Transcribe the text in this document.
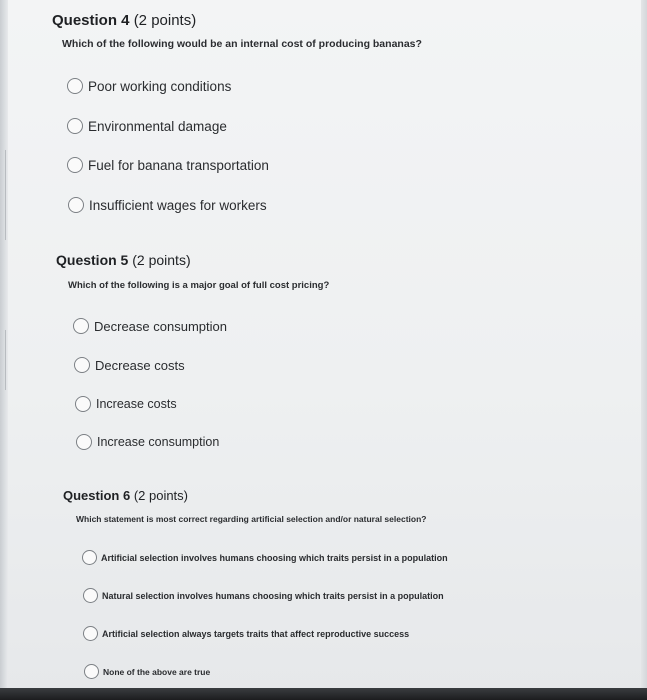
Question 4 (2 points)
Which of the following would be an internal cost of producing bananas?
Poor working conditions
Environmental damage
Fuel for banana transportation
Insufficient wages for workers
Question 5 (2 points)
Which of the following is a major goal of full cost pricing?
Decrease consumption
Decrease costs
Increase costs
Increase consumption
Question 6 (2 points)
Which statement is most correct regarding artificial selection and/or natural selection?
Artificial selection involves humans choosing which traits persist in a population
Natural selection involves humans choosing which traits persist in a population
Artificial selection always targets traits that affect reproductive success
None of the above are true
